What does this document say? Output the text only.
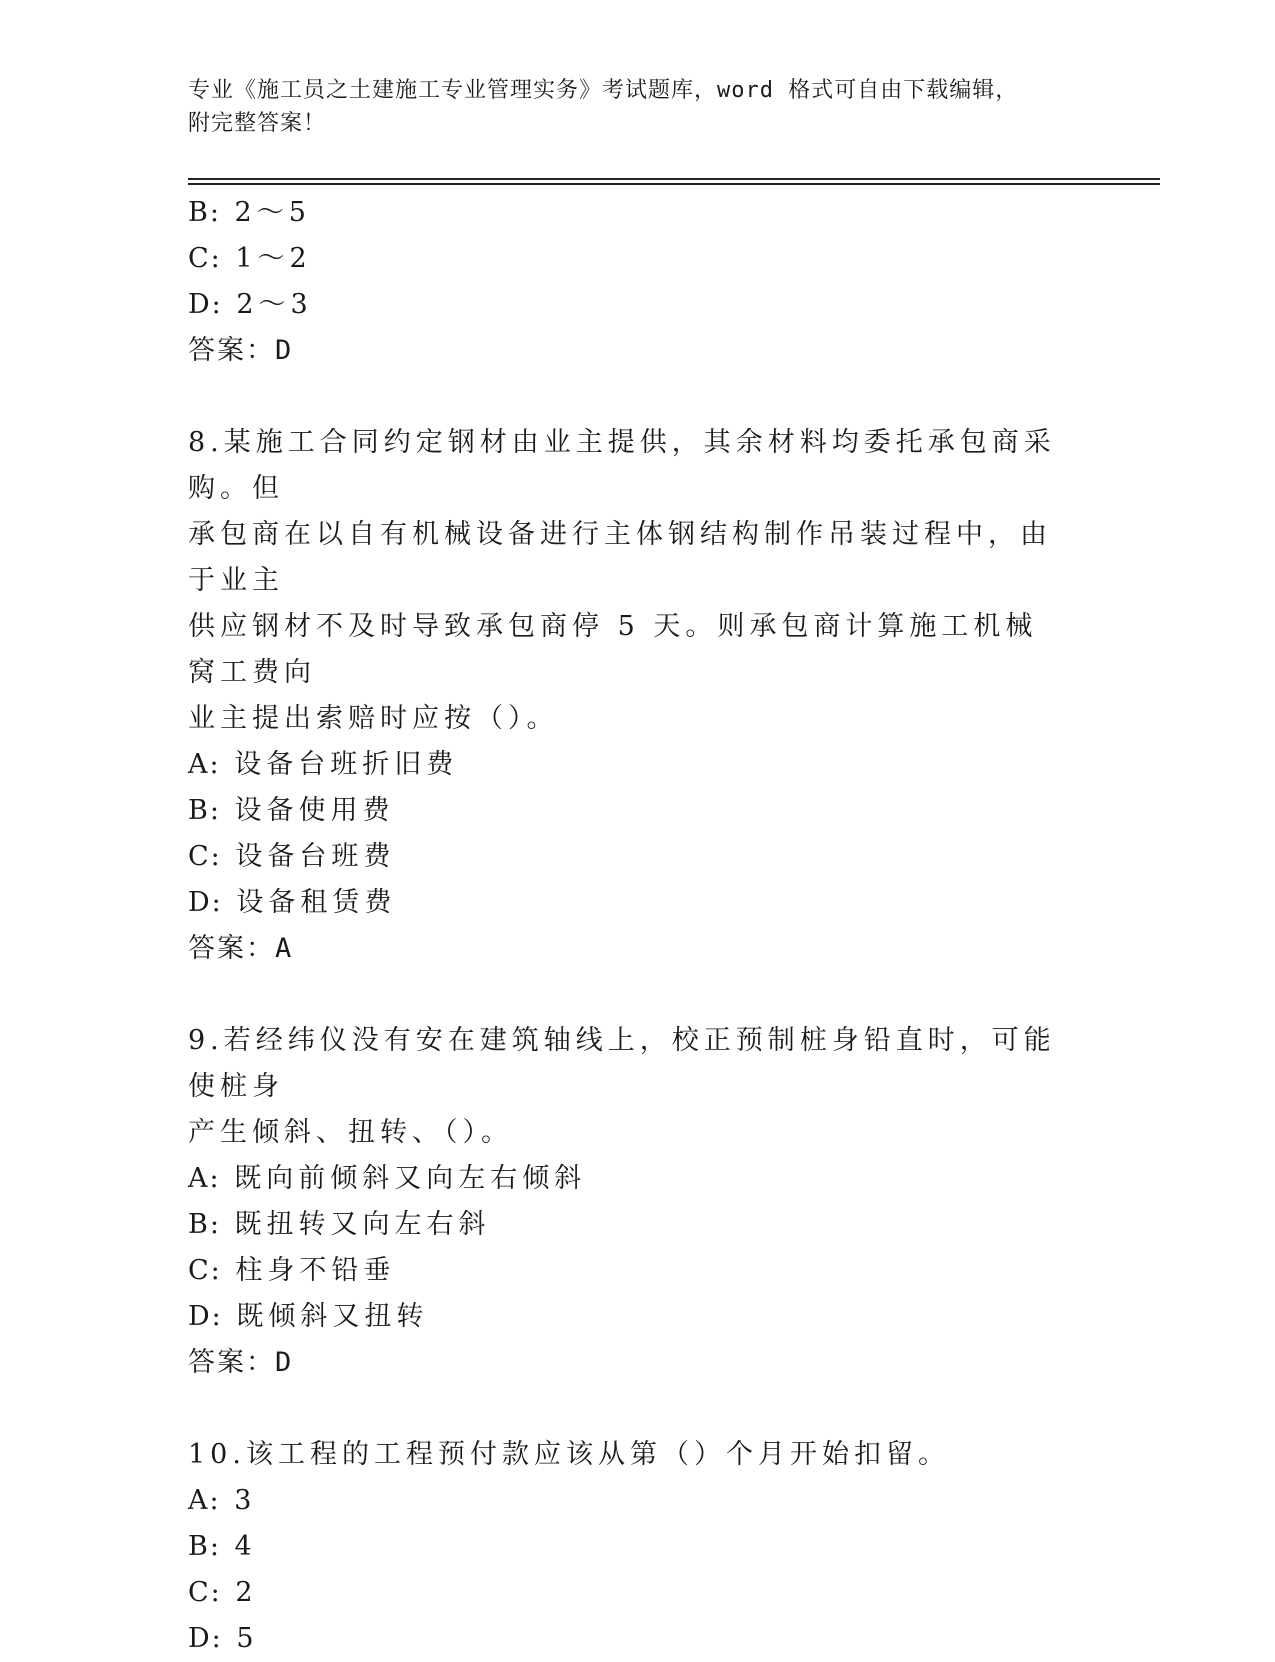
专业《施工员之土建施工专业管理实务》考试题库，word 格式可自由下载编辑，
附完整答案！
B: 2～5
C: 1～2
D: 2～3
答案：D
8.某施工合同约定钢材由业主提供，其余材料均委托承包商采购。但
承包商在以自有机械设备进行主体钢结构制作吊装过程中，由于业主
供应钢材不及时导致承包商停 5 天。则承包商计算施工机械窝工费向
业主提出索赔时应按（）。
A: 设备台班折旧费
B: 设备使用费
C: 设备台班费
D: 设备租赁费
答案：A
9.若经纬仪没有安在建筑轴线上，校正预制桩身铅直时，可能使桩身
产生倾斜、扭转、（）。
A: 既向前倾斜又向左右倾斜
B: 既扭转又向左右斜
C: 柱身不铅垂
D: 既倾斜又扭转
答案：D
10.该工程的工程预付款应该从第（）个月开始扣留。
A: 3
B: 4
C: 2
D: 5
